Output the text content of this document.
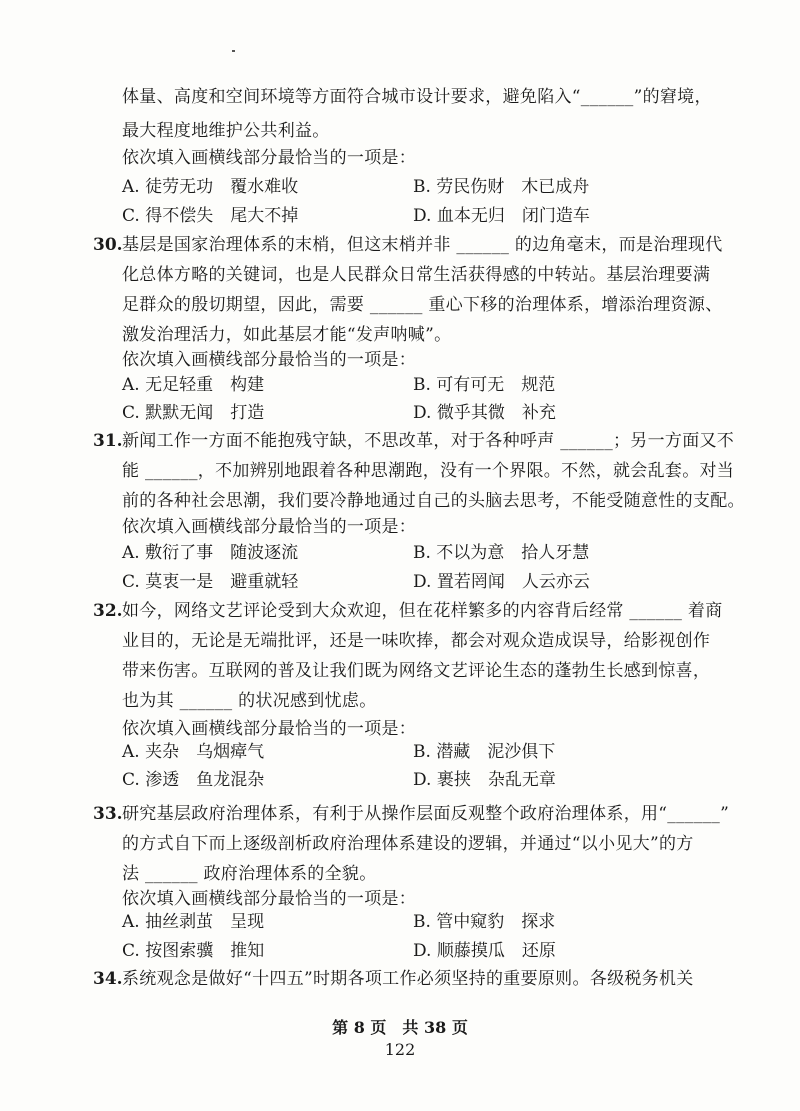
体量、高度和空间环境等方面符合城市设计要求，避免陷入“______”的窘境，
最大程度地维护公共利益。
依次填入画横线部分最恰当的一项是：
A. 徒劳无功　覆水难收	B. 劳民伤财　木已成舟
C. 得不偿失　尾大不掉	D. 血本无归　闭门造车
30. 基层是国家治理体系的末梢，但这末梢并非 ______ 的边角毫末，而是治理现代
化总体方略的关键词，也是人民群众日常生活获得感的中转站。基层治理要满
足群众的殷切期望，因此，需要 ______ 重心下移的治理体系，增添治理资源、
激发治理活力，如此基层才能“发声呐喊”。
依次填入画横线部分最恰当的一项是：
A. 无足轻重　构建	B. 可有可无　规范
C. 默默无闻　打造	D. 微乎其微　补充
31. 新闻工作一方面不能抱残守缺，不思改革，对于各种呼声 ______；另一方面又不
能 ______，不加辨别地跟着各种思潮跑，没有一个界限。不然，就会乱套。对当
前的各种社会思潮，我们要冷静地通过自己的头脑去思考，不能受随意性的支配。
依次填入画横线部分最恰当的一项是：
A. 敷衍了事　随波逐流	B. 不以为意　拾人牙慧
C. 莫衷一是　避重就轻	D. 置若罔闻　人云亦云
32. 如今，网络文艺评论受到大众欢迎，但在花样繁多的内容背后经常 ______ 着商
业目的，无论是无端批评，还是一味吹捧，都会对观众造成误导，给影视创作
带来伤害。互联网的普及让我们既为网络文艺评论生态的蓬勃生长感到惊喜，
也为其 ______ 的状况感到忧虑。
依次填入画横线部分最恰当的一项是：
A. 夹杂　乌烟瘴气	B. 潜藏　泥沙俱下
C. 渗透　鱼龙混杂	D. 裹挟　杂乱无章
33. 研究基层政府治理体系，有利于从操作层面反观整个政府治理体系，用“______”
的方式自下而上逐级剖析政府治理体系建设的逻辑，并通过“以小见大”的方
法 ______ 政府治理体系的全貌。
依次填入画横线部分最恰当的一项是：
A. 抽丝剥茧　呈现	B. 管中窥豹　探求
C. 按图索骥　推知	D. 顺藤摸瓜　还原
34. 系统观念是做好“十四五”时期各项工作必须坚持的重要原则。各级税务机关
第 8 页　共 38 页
122
